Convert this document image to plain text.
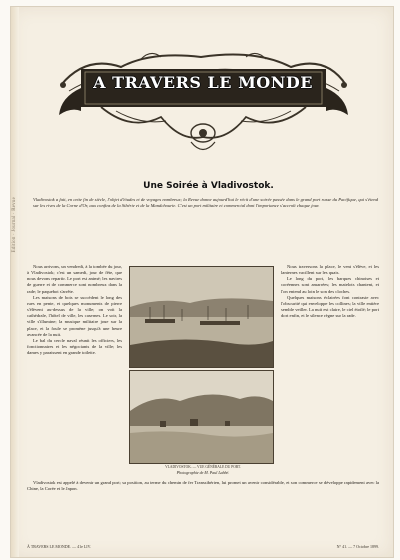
Édition · Journal · Revue
A TRAVERS LE MONDE
Une Soirée à Vladivostok.
Vladivostok a fait, en cette fin de siècle, l'objet d'études et de voyages nombreux; la Revue donne aujourd'hui le récit d'une soirée passée dans le grand port russe du Pacifique, qui s'étend sur les rives de la Corne d'Or, aux confins de la Sibérie et de la Mandchourie. C'est un port militaire et commercial dont l'importance s'accroît chaque jour.

Nous arrivons, un vendredi, à la tombée du jour, à Vladivostok; c'est un samedi, jour de fête, que nous devons repartir. Le port est animé; les navires de guerre et de commerce sont nombreux dans la rade; le paquebot s'arrête.

Les maisons de bois se succèdent le long des rues en pente, et quelques monuments de pierre s'élèvent au-dessus de la ville; on voit la cathédrale, l'hôtel de ville, les casernes. Le soir, la ville s'illumine; la musique militaire joue sur la place, et la foule se promène jusqu'à une heure avancée de la nuit.

Le bal du cercle naval réunit les officiers, les fonctionnaires et les négociants de la ville; les dames y paraissent en grande toilette.

VLADIVOSTOK. — VUE GÉNÉRALE DU PORT.
Photographie de M. Paul Labbé.

Nous traversons la place, le vent s'élève, et les lanternes vacillent sur les quais.

Le long du port, les barques chinoises et coréennes sont amarrées; les matelots chantent, et l'on entend au loin le son des cloches.

Quelques maisons éclairées font contraste avec l'obscurité qui enveloppe les collines; la ville entière semble veiller. La nuit est claire, le ciel étoilé; le port dort enfin, et le silence règne sur la rade.

Vladivostok est appelé à devenir un grand port; sa position, au terme du chemin de fer Transsibérien, lui promet un avenir considérable, et son commerce se développe rapidement avec la Chine, la Corée et le Japon.

À TRAVERS LE MONDE. — 41e LIV.	N° 41. — 7 Octobre 1899.
